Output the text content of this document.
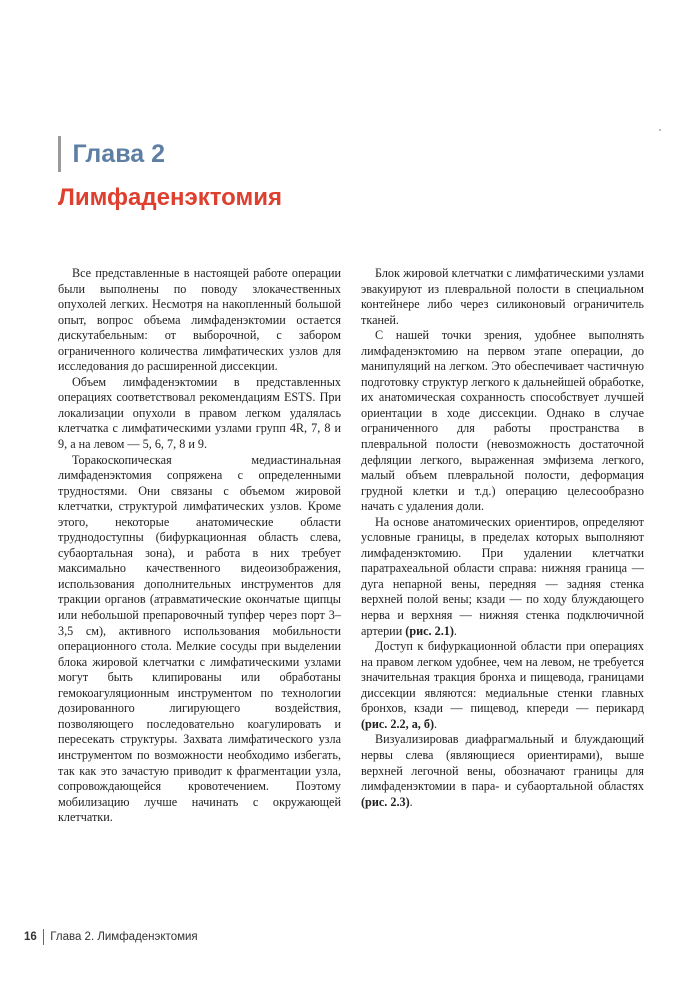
Глава 2
Лимфаденэктомия

Все представленные в настоящей работе операции были выполнены по поводу злокачественных опухолей легких. Несмотря на накопленный большой опыт, вопрос объема лимфаденэктомии остается дискутабельным: от выборочной, с забором ограниченного количества лимфатических узлов для исследования до расширенной диссекции.

Объем лимфаденэктомии в представленных операциях соответствовал рекомендациям ESTS. При локализации опухоли в правом легком удалялась клетчатка с лимфатическими узлами групп 4R, 7, 8 и 9, а на левом — 5, 6, 7, 8 и 9.

Торакоскопическая медиастинальная лимфаденэктомия сопряжена с определенными трудностями. Они связаны с объемом жировой клетчатки, структурой лимфатических узлов. Кроме этого, некоторые анатомические области труднодоступны (бифуркационная область слева, субаортальная зона), и работа в них требует максимально качественного видеоизображения, использования дополнительных инструментов для тракции органов (атравматические окончатые щипцы или небольшой препаровочный тупфер через порт 3–3,5 см), активного использования мобильности операционного стола. Мелкие сосуды при выделении блока жировой клетчатки с лимфатическими узлами могут быть клипированы или обработаны гемокоагуляционным инструментом по технологии дозированного лигирующего воздействия, позволяющего последовательно коагулировать и пересекать структуры. Захвата лимфатического узла инструментом по возможности необходимо избегать, так как это зачастую приводит к фрагментации узла, сопровождающейся кровотечением. Поэтому мобилизацию лучше начинать с окружающей клетчатки.

Блок жировой клетчатки с лимфатическими узлами эвакуируют из плевральной полости в специальном контейнере либо через силиконовый ограничитель тканей.

С нашей точки зрения, удобнее выполнять лимфаденэктомию на первом этапе операции, до манипуляций на легком. Это обеспечивает частичную подготовку структур легкого к дальнейшей обработке, их анатомическая сохранность способствует лучшей ориентации в ходе диссекции. Однако в случае ограниченного для работы пространства в плевральной полости (невозможность достаточной дефляции легкого, выраженная эмфизема легкого, малый объем плевральной полости, деформация грудной клетки и т.д.) операцию целесообразно начать с удаления доли.

На основе анатомических ориентиров, определяют условные границы, в пределах которых выполняют лимфаденэктомию. При удалении клетчатки паратрахеальной области справа: нижняя граница — дуга непарной вены, передняя — задняя стенка верхней полой вены; кзади — по ходу блуждающего нерва и верхняя — нижняя стенка подключичной артерии (рис. 2.1).

Доступ к бифуркационной области при операциях на правом легком удобнее, чем на левом, не требуется значительная тракция бронха и пищевода, границами диссекции являются: медиальные стенки главных бронхов, кзади — пищевод, кпереди — перикард (рис. 2.2, а, б).

Визуализировав диафрагмальный и блуждающий нервы слева (являющиеся ориентирами), выше верхней легочной вены, обозначают границы для лимфаденэктомии в пара- и субаортальной областях (рис. 2.3).

16 Глава 2. Лимфаденэктомия
